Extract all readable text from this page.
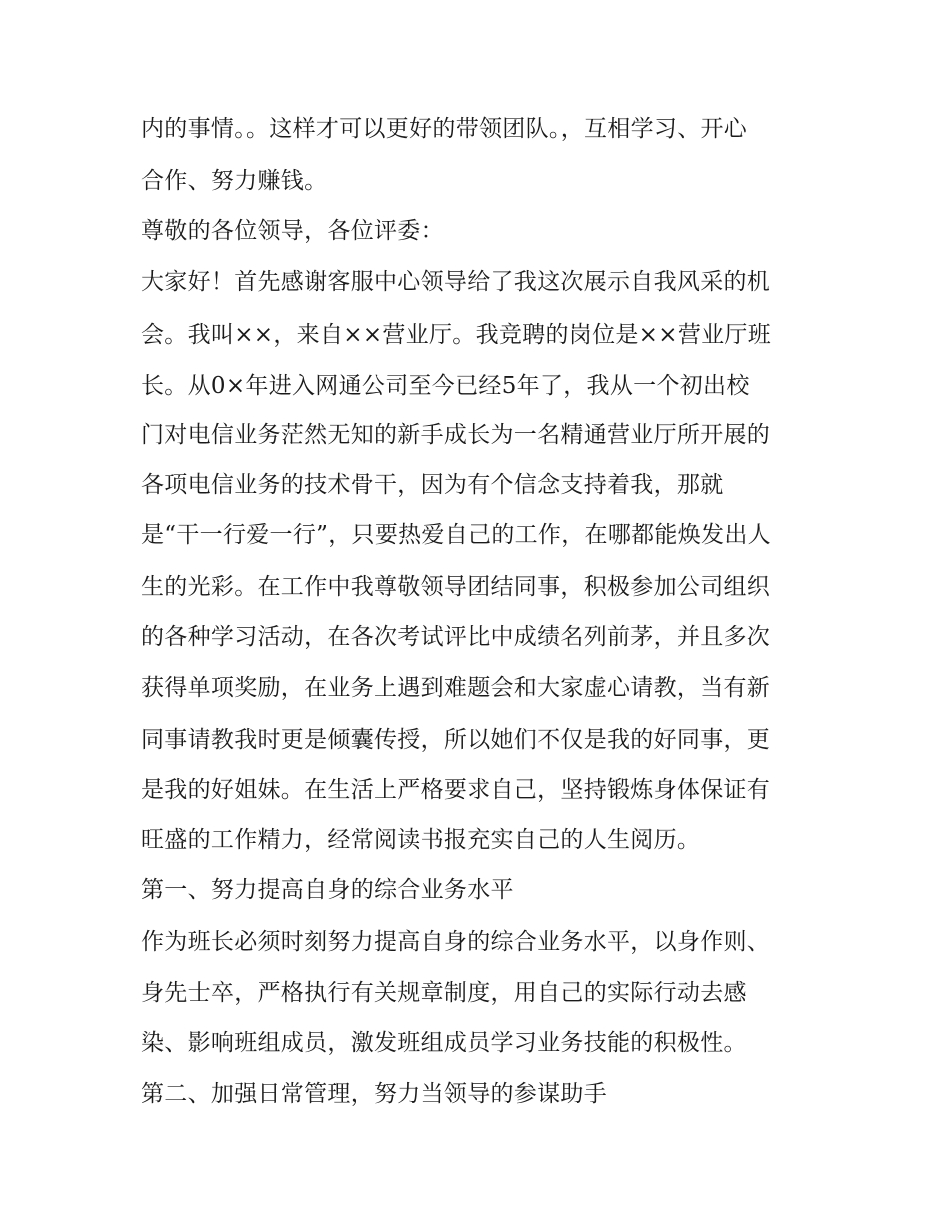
内的事情。。这样才可以更好的带领团队。，互相学习、开心

合作、努力赚钱。

尊敬的各位领导，各位评委：

大家好！首先感谢客服中心领导给了我这次展示自我风采的机

会。我叫××，来自××营业厅。我竞聘的岗位是××营业厅班

长。从0×年进入网通公司至今已经5年了，我从一个初出校

门对电信业务茫然无知的新手成长为一名精通营业厅所开展的

各项电信业务的技术骨干，因为有个信念支持着我，那就

是“干一行爱一行”，只要热爱自己的工作，在哪都能焕发出人

生的光彩。在工作中我尊敬领导团结同事，积极参加公司组织

的各种学习活动，在各次考试评比中成绩名列前茅，并且多次

获得单项奖励，在业务上遇到难题会和大家虚心请教，当有新

同事请教我时更是倾囊传授，所以她们不仅是我的好同事，更

是我的好姐妹。在生活上严格要求自己，坚持锻炼身体保证有

旺盛的工作精力，经常阅读书报充实自己的人生阅历。

第一、努力提高自身的综合业务水平

作为班长必须时刻努力提高自身的综合业务水平，以身作则、

身先士卒，严格执行有关规章制度，用自己的实际行动去感

染、影响班组成员，激发班组成员学习业务技能的积极性。

第二、加强日常管理，努力当领导的参谋助手
